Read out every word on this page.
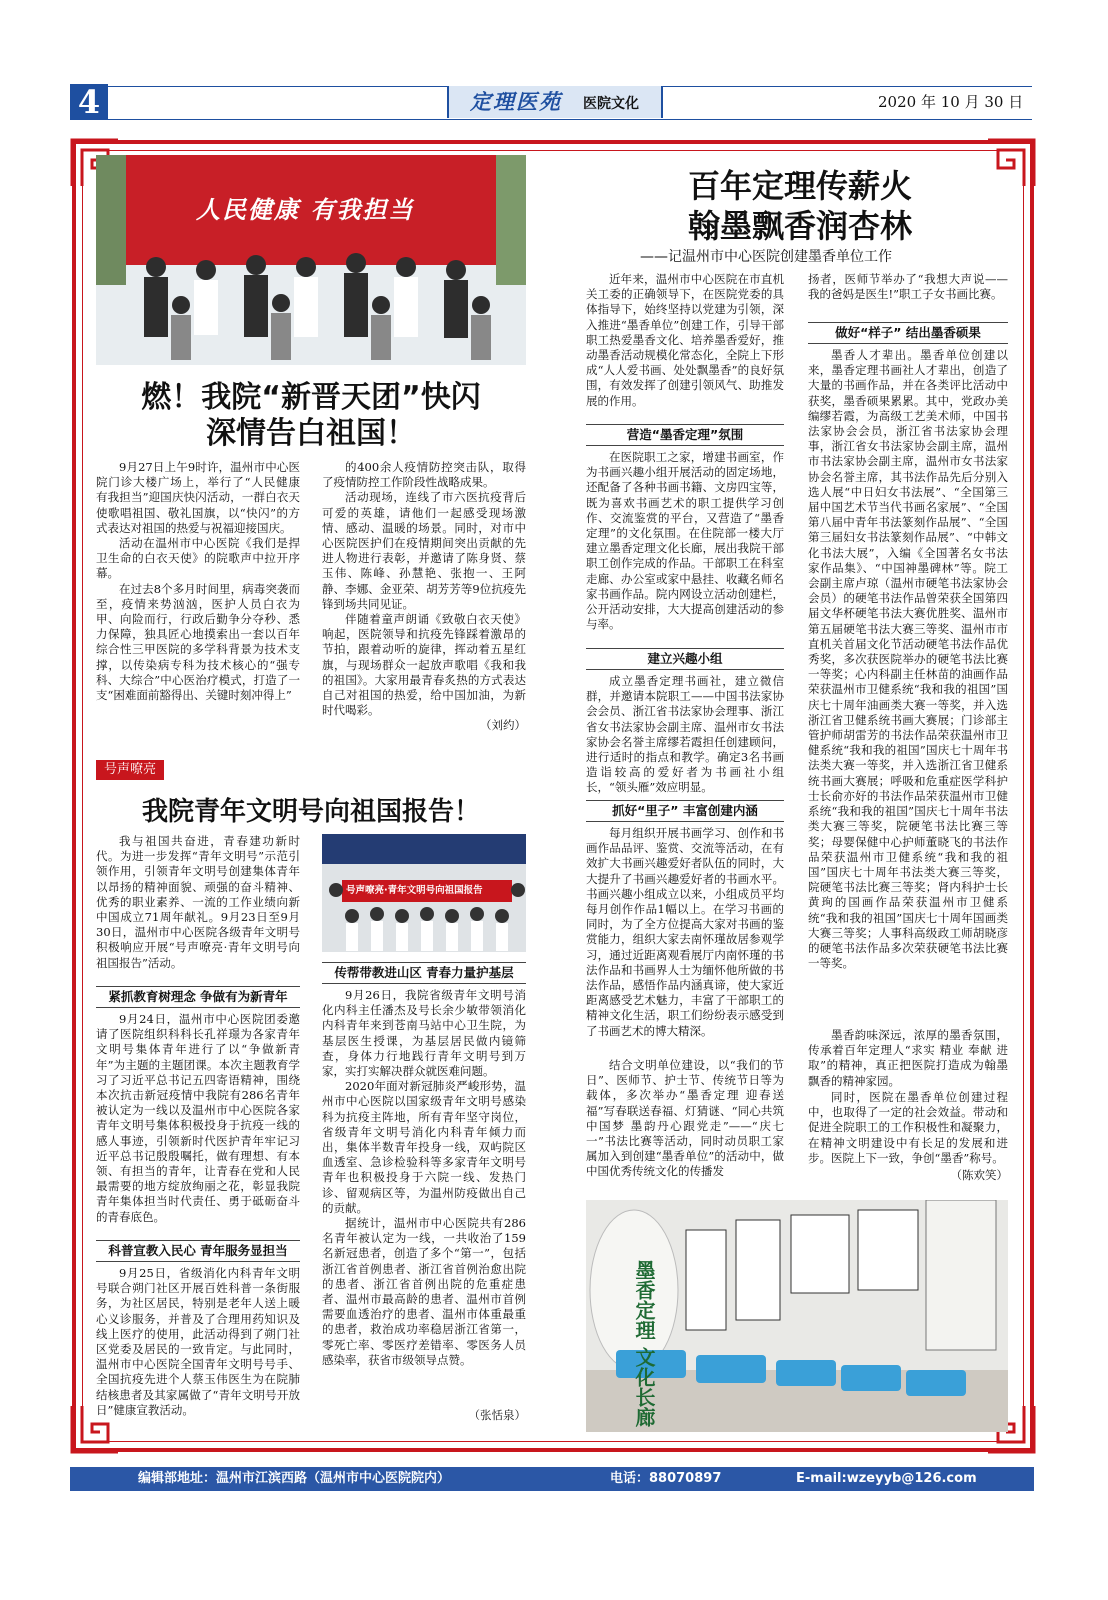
4	定理医苑 医院文化	2020 年 10 月 30 日
人民健康 有我担当
燃！我院“新晋天团”快闪
深情告白祖国！

9月27日上午9时许，温州市中心医院门诊大楼广场上，举行了“人民健康 有我担当”迎国庆快闪活动，一群白衣天使歌唱祖国、敬礼国旗，以“快闪”的方式表达对祖国的热爱与祝福迎接国庆。

活动在温州市中心医院《我们是捍卫生命的白衣天使》的院歌声中拉开序幕。

在过去8个多月时间里，病毒突袭而至，疫情来势汹汹，医护人员白衣为甲、向险而行，行政后勤争分夺秒、悉力保障，独具匠心地摸索出一套以百年综合性三甲医院的多学科背景为技术支撑，以传染病专科为技术核心的“强专科、大综合”中心医治疗模式，打造了一支“困难面前豁得出、关键时刻冲得上”

的400余人疫情防控突击队，取得了疫情防控工作阶段性战略成果。

活动现场，连线了市六医抗疫背后可爱的英雄，请他们一起感受现场激情、感动、温暖的场景。同时，对市中心医院医护们在疫情期间突出贡献的先进人物进行表彰，并邀请了陈身贤、蔡玉伟、陈峰、孙慧艳、张抱一、王阿静、李娜、金亚荣、胡芳芳等9位抗疫先锋到场共同见证。

伴随着童声朗诵《致敬白衣天使》响起，医院领导和抗疫先锋踩着激昂的节拍，跟着动听的旋律，挥动着五星红旗，与现场群众一起放声歌唱《我和我的祖国》。大家用最青春炙热的方式表达自己对祖国的热爱，给中国加油，为新时代喝彩。

（刘约）
百年定理传薪火
翰墨飘香润杏林
——记温州市中心医院创建墨香单位工作

近年来，温州市中心医院在市直机关工委的正确领导下，在医院党委的具体指导下，始终坚持以党建为引领，深入推进“墨香单位”创建工作，引导干部职工热爱墨香文化、培养墨香爱好，推动墨香活动规模化常态化，全院上下形成“人人爱书画、处处飘墨香”的良好氛围，有效发挥了创建引领风气、助推发展的作用。

营造“墨香定理”氛围

在医院职工之家，增建书画室，作为书画兴趣小组开展活动的固定场地，还配备了各种书画书籍、文房四宝等，既为喜欢书画艺术的职工提供学习创作、交流鉴赏的平台，又营造了“墨香定理”的文化氛围。在住院部一楼大厅建立墨香定理文化长廊，展出我院干部职工创作完成的作品。干部职工在科室走廊、办公室或家中悬挂、收藏名师名家书画作品。院内网设立活动创建栏，公开活动安排，大大提高创建活动的参与率。

建立兴趣小组

成立墨香定理书画社，建立微信群，并邀请本院职工——中国书法家协会会员、浙江省书法家协会理事、浙江省女书法家协会副主席、温州市女书法家协会名誉主席缪若霞担任创建顾问，进行适时的指点和教学。确定3名书画造诣较高的爱好者为书画社小组长，“领头雁”效应明显。

抓好“里子” 丰富创建内涵

每月组织开展书画学习、创作和书画作品品评、鉴赏、交流等活动，在有效扩大书画兴趣爱好者队伍的同时，大大提升了书画兴趣爱好者的书画水平。书画兴趣小组成立以来，小组成员平均每月创作作品1幅以上。在学习书画的同时，为了全方位提高大家对书画的鉴赏能力，组织大家去南怀瑾故居参观学习，通过近距离观看展厅内南怀瑾的书法作品和书画界人士为缅怀他所做的书法作品，感悟作品内涵真谛，使大家近距离感受艺术魅力，丰富了干部职工的精神文化生活，职工们纷纷表示感受到了书画艺术的博大精深。

结合文明单位建设，以“我们的节日”、医师节、护士节、传统节日等为载体，多次举办“墨香定理 迎春送福”写春联送春福、灯猜谜、“同心共筑中国梦 墨韵丹心跟党走”——“庆七一”书法比赛等活动，同时动员职工家属加入到创建“墨香单位”的活动中，做中国优秀传统文化的传播发

扬者，医师节举办了“我想大声说——我的爸妈是医生!”职工子女书画比赛。

做好“样子” 结出墨香硕果

墨香人才辈出。墨香单位创建以来，墨香定理书画社人才辈出，创造了大量的书画作品，并在各类评比活动中获奖，墨香硕果累累。其中，党政办美编缪若霞，为高级工艺美术师，中国书法家协会会员，浙江省书法家协会理事，浙江省女书法家协会副主席，温州市书法家协会副主席，温州市女书法家协会名誉主席，其书法作品先后分别入选人展“中日妇女书法展”、“全国第三届中国艺术节当代书画名家展”、“全国第八届中青年书法篆刻作品展”、“全国第三届妇女书法篆刻作品展”、“中韩文化书法大展”，入编《全国著名女书法家作品集》、“中国神墨碑林”等。院工会副主席卢琼（温州市硬笔书法家协会会员）的硬笔书法作品曾荣获全国第四届文华杯硬笔书法大赛优胜奖、温州市第五届硬笔书法大赛三等奖、温州市市直机关首届文化节活动硬笔书法作品优秀奖，多次获医院举办的硬笔书法比赛一等奖；心内科副主任林苗的油画作品荣获温州市卫健系统“我和我的祖国”国庆七十周年油画类大赛一等奖，并入选浙江省卫健系统书画大赛展；门诊部主管护师胡雷芳的书法作品荣获温州市卫健系统“我和我的祖国”国庆七十周年书法类大赛一等奖，并入选浙江省卫健系统书画大赛展；呼吸和危重症医学科护士长俞亦好的书法作品荣获温州市卫健系统“我和我的祖国”国庆七十周年书法类大赛三等奖，院硬笔书法比赛三等奖；母婴保健中心护师董晓飞的书法作品荣获温州市卫健系统“我和我的祖国”国庆七十周年书法类大赛三等奖，院硬笔书法比赛三等奖；肾内科护士长黄珣的国画作品荣获温州市卫健系统“我和我的祖国”国庆七十周年国画类大赛三等奖；人事科高级政工师胡晓彦的硬笔书法作品多次荣获硬笔书法比赛一等奖。

墨香韵味深远，浓厚的墨香氛围，传承着百年定理人“求实 精业 奉献 进取”的精神，真正把医院打造成为翰墨飘香的精神家园。

同时，医院在墨香单位创建过程中，也取得了一定的社会效益。带动和促进全院职工的工作积极性和凝聚力，在精神文明建设中有长足的发展和进步。医院上下一致，争创“墨香”称号。

（陈欢笑）
墨香定理 文化长廊
号声嘹亮
我院青年文明号向祖国报告！

我与祖国共奋进，青春建功新时代。为进一步发挥“青年文明号”示范引领作用，引领青年文明号创建集体青年以昂扬的精神面貌、顽强的奋斗精神、优秀的职业素养、一流的工作业绩向新中国成立71周年献礼。9月23日至9月30日，温州市中心医院各级青年文明号积极响应开展“号声嘹亮·青年文明号向祖国报告”活动。

号声嘹亮·青年文明号向祖国报告
紧抓教育树理念 争做有为新青年

9月24日，温州市中心医院团委邀请了医院组织科科长孔祥璟为各家青年文明号集体青年进行了以“争做新青年”为主题的主题团课。本次主题教育学习了习近平总书记五四寄语精神，围绕本次抗击新冠疫情中我院有286名青年被认定为一线以及温州市中心医院各家青年文明号集体积极投身于抗疫一线的感人事迹，引领新时代医护青年牢记习近平总书记殷殷嘱托，做有理想、有本领、有担当的青年，让青春在党和人民最需要的地方绽放绚丽之花，彰显我院青年集体担当时代责任、勇于砥砺奋斗的青春底色。

科普宣教入民心 青年服务显担当

9月25日，省级消化内科青年文明号联合朔门社区开展百姓科普一条街服务，为社区居民，特别是老年人送上暖心义诊服务，并普及了合理用药知识及线上医疗的使用，此活动得到了朔门社区党委及居民的一致肯定。与此同时，温州市中心医院全国青年文明号号手、全国抗疫先进个人蔡玉伟医生为在院肺结核患者及其家属做了“青年文明号开放日”健康宣教活动。

传帮带教进山区 青春力量护基层

9月26日，我院省级青年文明号消化内科主任潘杰及号长余少敏带领消化内科青年来到苍南马站中心卫生院，为基层医生授课，为基层居民做内镜筛查，身体力行地践行青年文明号到万家，实打实解决群众就医难问题。

2020年面对新冠肺炎严峻形势，温州市中心医院以国家级青年文明号感染科为抗疫主阵地，所有青年坚守岗位，省级青年文明号消化内科青年倾力而出，集体半数青年投身一线，双屿院区血透室、急诊检验科等多家青年文明号青年也积极投身于六院一线、发热门诊、留观病区等，为温州防疫做出自己的贡献。

据统计，温州市中心医院共有286名青年被认定为一线，一共收治了159名新冠患者，创造了多个“第一”，包括浙江省首例患者、浙江省首例治愈出院的患者、浙江省首例出院的危重症患者、温州市最高龄的患者、温州市首例需要血透治疗的患者、温州市体重最重的患者，救治成功率稳居浙江省第一，零死亡率、零医疗差错率、零医务人员感染率，获省市级领导点赞。

（张恬泉）
编辑部地址：温州市江滨西路（温州市中心医院院内）	电话：88070897	E-mail:wzeyyb@126.com
